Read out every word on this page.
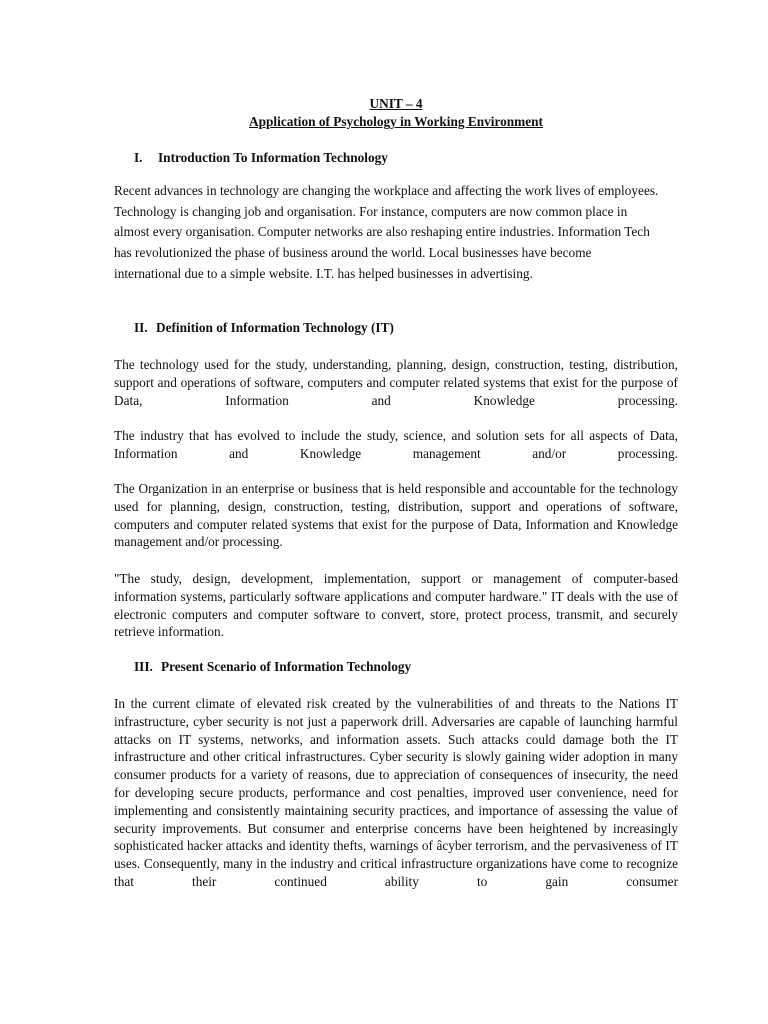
UNIT – 4

Application of Psychology in Working Environment

I.	Introduction To Information Technology

Recent advances in technology are changing the workplace and affecting the work lives of employees. Technology is changing job and organisation. For instance, computers are now common place in almost every organisation. Computer networks are also reshaping entire industries. Information Tech has revolutionized the phase of business around the world. Local businesses have become international due to a simple website. I.T. has helped businesses in advertising.

II. Definition of Information Technology (IT)

The technology used for the study, understanding, planning, design, construction, testing, distribution, support and operations of software, computers and computer related systems that exist for the purpose of Data, Information and Knowledge processing.

The industry that has evolved to include the study, science, and solution sets for all aspects of Data, Information and Knowledge management and/or processing.

The Organization in an enterprise or business that is held responsible and accountable for the technology used for planning, design, construction, testing, distribution, support and operations of software, computers and computer related systems that exist for the purpose of Data, Information and Knowledge management and/or processing.

"The study, design, development, implementation, support or management of computer-based information systems, particularly software applications and computer hardware." IT deals with the use of electronic computers and computer software to convert, store, protect process, transmit, and securely retrieve information.

III. Present Scenario of Information Technology

In the current climate of elevated risk created by the vulnerabilities of and threats to the Nations IT infrastructure, cyber security is not just a paperwork drill. Adversaries are capable of launching harmful attacks on IT systems, networks, and information assets. Such attacks could damage both the IT infrastructure and other critical infrastructures. Cyber security is slowly gaining wider adoption in many consumer products for a variety of reasons, due to appreciation of consequences of insecurity, the need for developing secure products, performance and cost penalties, improved user convenience, need for implementing and consistently maintaining security practices, and importance of assessing the value of security improvements. But consumer and enterprise concerns have been heightened by increasingly sophisticated hacker attacks and identity thefts, warnings of âcyber terrorism, and the pervasiveness of IT uses. Consequently, many in the industry and critical infrastructure organizations have come to recognize that their continued ability to gain consumer
